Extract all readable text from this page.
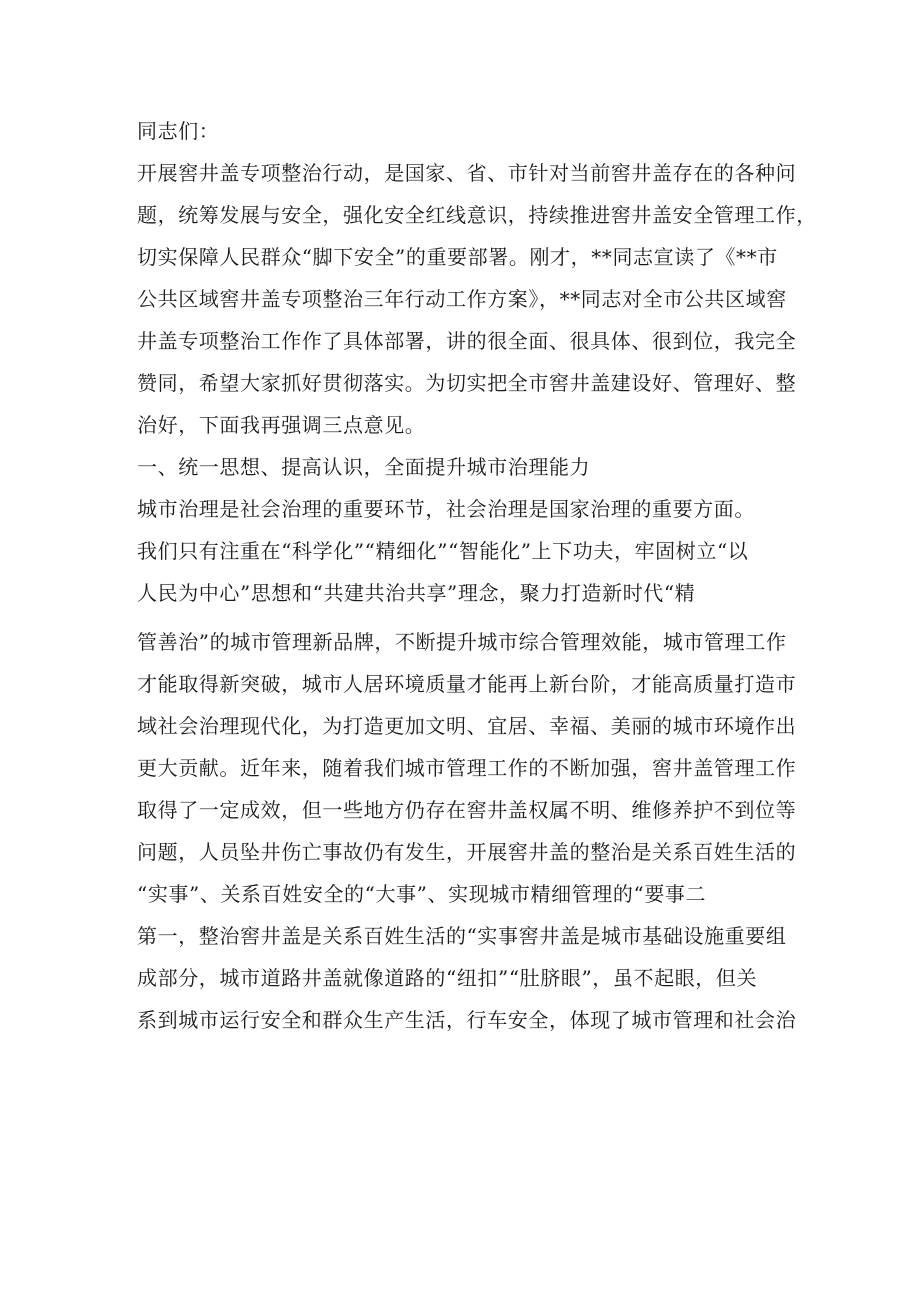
同志们：
开展窖井盖专项整治行动，是国家、省、市针对当前窖井盖存在的各种问
题，统筹发展与安全，强化安全红线意识，持续推进窖井盖安全管理工作，
切实保障人民群众“脚下安全”的重要部署。刚才，**同志宣读了《**市
公共区域窖井盖专项整治三年行动工作方案》，**同志对全市公共区域窖
井盖专项整治工作作了具体部署，讲的很全面、很具体、很到位，我完全
赞同，希望大家抓好贯彻落实。为切实把全市窖井盖建设好、管理好、整
治好，下面我再强调三点意见。
一、统一思想、提高认识，全面提升城市治理能力
城市治理是社会治理的重要环节，社会治理是国家治理的重要方面。
我们只有注重在“科学化”“精细化”“智能化”上下功夫，牢固树立“以
人民为中心”思想和“共建共治共享”理念，聚力打造新时代“精
管善治”的城市管理新品牌，不断提升城市综合管理效能，城市管理工作
才能取得新突破，城市人居环境质量才能再上新台阶，才能高质量打造市
域社会治理现代化，为打造更加文明、宜居、幸福、美丽的城市环境作出
更大贡献。近年来，随着我们城市管理工作的不断加强，窖井盖管理工作
取得了一定成效，但一些地方仍存在窖井盖权属不明、维修养护不到位等
问题，人员坠井伤亡事故仍有发生，开展窖井盖的整治是关系百姓生活的
“实事”、关系百姓安全的“大事”、实现城市精细管理的“要事二
第一，整治窖井盖是关系百姓生活的“实事窖井盖是城市基础设施重要组
成部分，城市道路井盖就像道路的“纽扣”“肚脐眼”，虽不起眼，但关
系到城市运行安全和群众生产生活，行车安全，体现了城市管理和社会治
